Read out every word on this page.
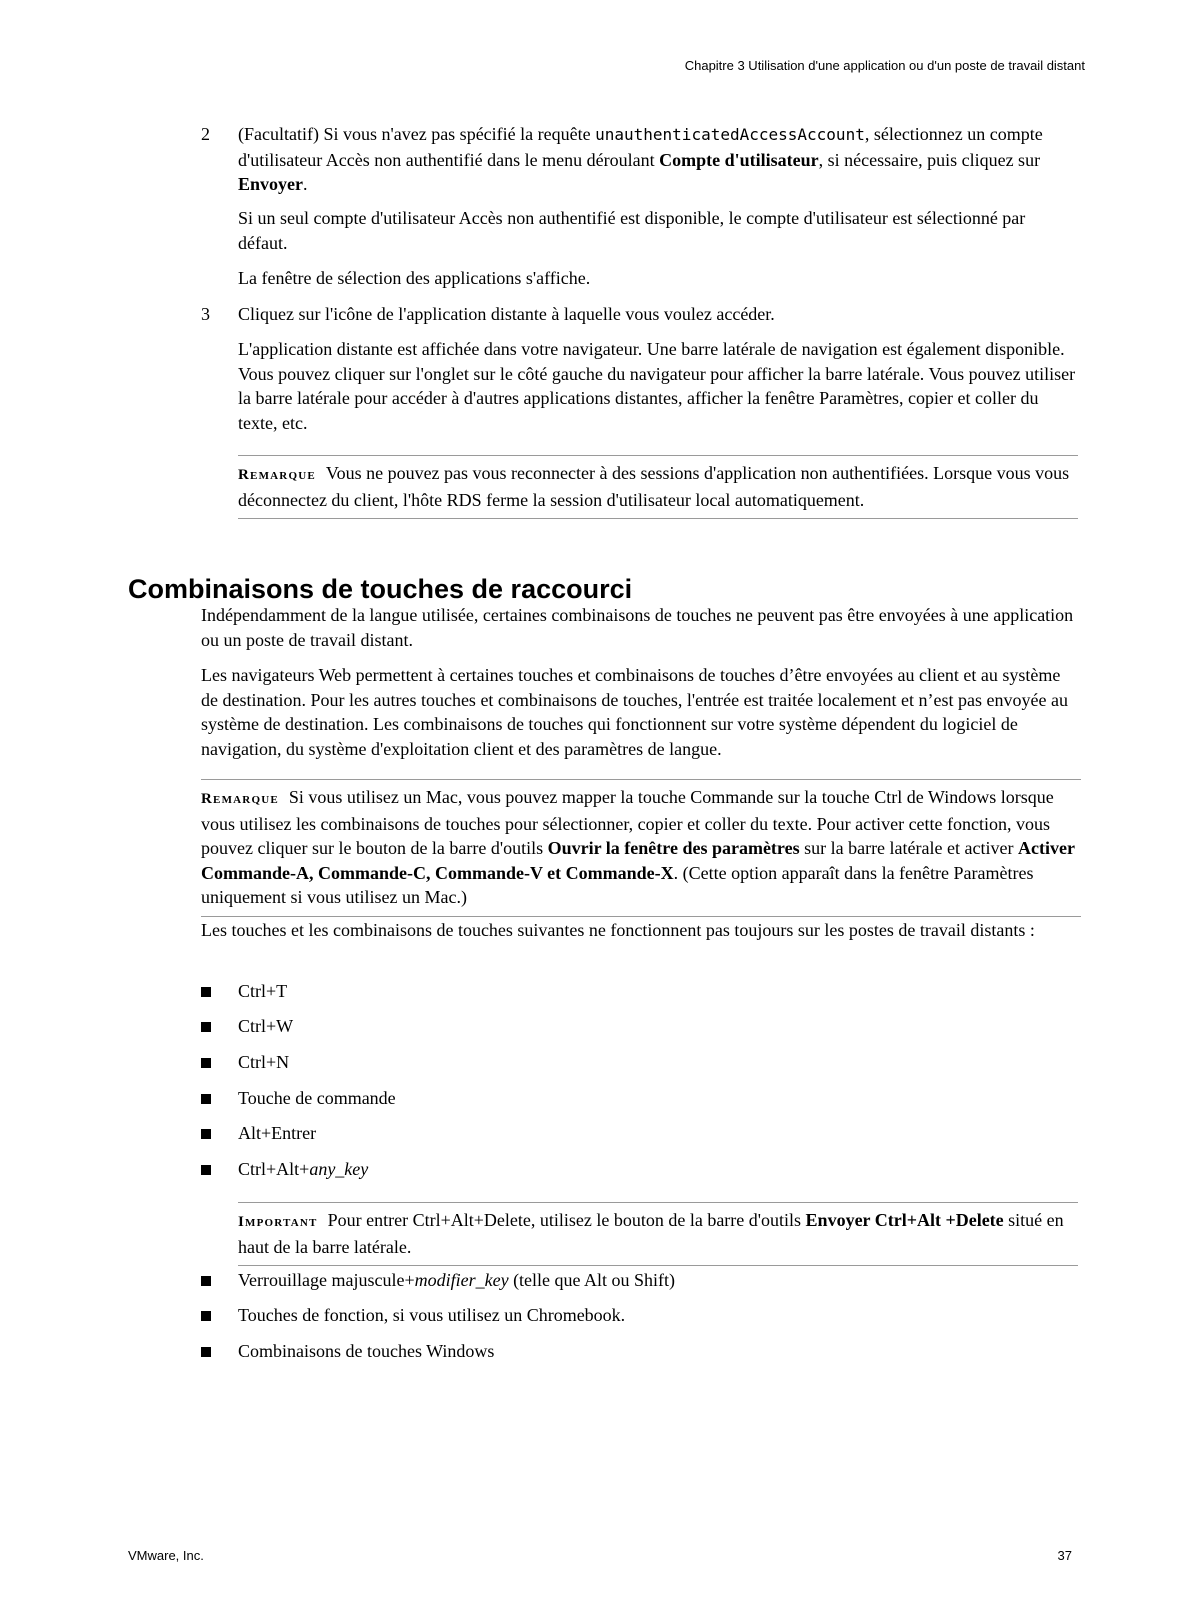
Chapitre 3 Utilisation d'une application ou d'un poste de travail distant
2 (Facultatif) Si vous n'avez pas spécifié la requête unauthenticatedAccessAccount, sélectionnez un compte d'utilisateur Accès non authentifié dans le menu déroulant Compte d'utilisateur, si nécessaire, puis cliquez sur Envoyer.
Si un seul compte d'utilisateur Accès non authentifié est disponible, le compte d'utilisateur est sélectionné par défaut.
La fenêtre de sélection des applications s'affiche.
3 Cliquez sur l'icône de l'application distante à laquelle vous voulez accéder.
L'application distante est affichée dans votre navigateur. Une barre latérale de navigation est également disponible. Vous pouvez cliquer sur l'onglet sur le côté gauche du navigateur pour afficher la barre latérale. Vous pouvez utiliser la barre latérale pour accéder à d'autres applications distantes, afficher la fenêtre Paramètres, copier et coller du texte, etc.
Remarque Vous ne pouvez pas vous reconnecter à des sessions d'application non authentifiées. Lorsque vous vous déconnectez du client, l'hôte RDS ferme la session d'utilisateur local automatiquement.
Combinaisons de touches de raccourci
Indépendamment de la langue utilisée, certaines combinaisons de touches ne peuvent pas être envoyées à une application ou un poste de travail distant.
Les navigateurs Web permettent à certaines touches et combinaisons de touches d’être envoyées au client et au système de destination. Pour les autres touches et combinaisons de touches, l'entrée est traitée localement et n’est pas envoyée au système de destination. Les combinaisons de touches qui fonctionnent sur votre système dépendent du logiciel de navigation, du système d'exploitation client et des paramètres de langue.
Remarque Si vous utilisez un Mac, vous pouvez mapper la touche Commande sur la touche Ctrl de Windows lorsque vous utilisez les combinaisons de touches pour sélectionner, copier et coller du texte. Pour activer cette fonction, vous pouvez cliquer sur le bouton de la barre d'outils Ouvrir la fenêtre des paramètres sur la barre latérale et activer Activer Commande-A, Commande-C, Commande-V et Commande-X. (Cette option apparaît dans la fenêtre Paramètres uniquement si vous utilisez un Mac.)
Les touches et les combinaisons de touches suivantes ne fonctionnent pas toujours sur les postes de travail distants :
Ctrl+T
Ctrl+W
Ctrl+N
Touche de commande
Alt+Entrer
Ctrl+Alt+any_key
Important Pour entrer Ctrl+Alt+Delete, utilisez le bouton de la barre d'outils Envoyer Ctrl+Alt +Delete situé en haut de la barre latérale.
Verrouillage majuscule+modifier_key (telle que Alt ou Shift)
Touches de fonction, si vous utilisez un Chromebook.
Combinaisons de touches Windows
VMware, Inc.	37
